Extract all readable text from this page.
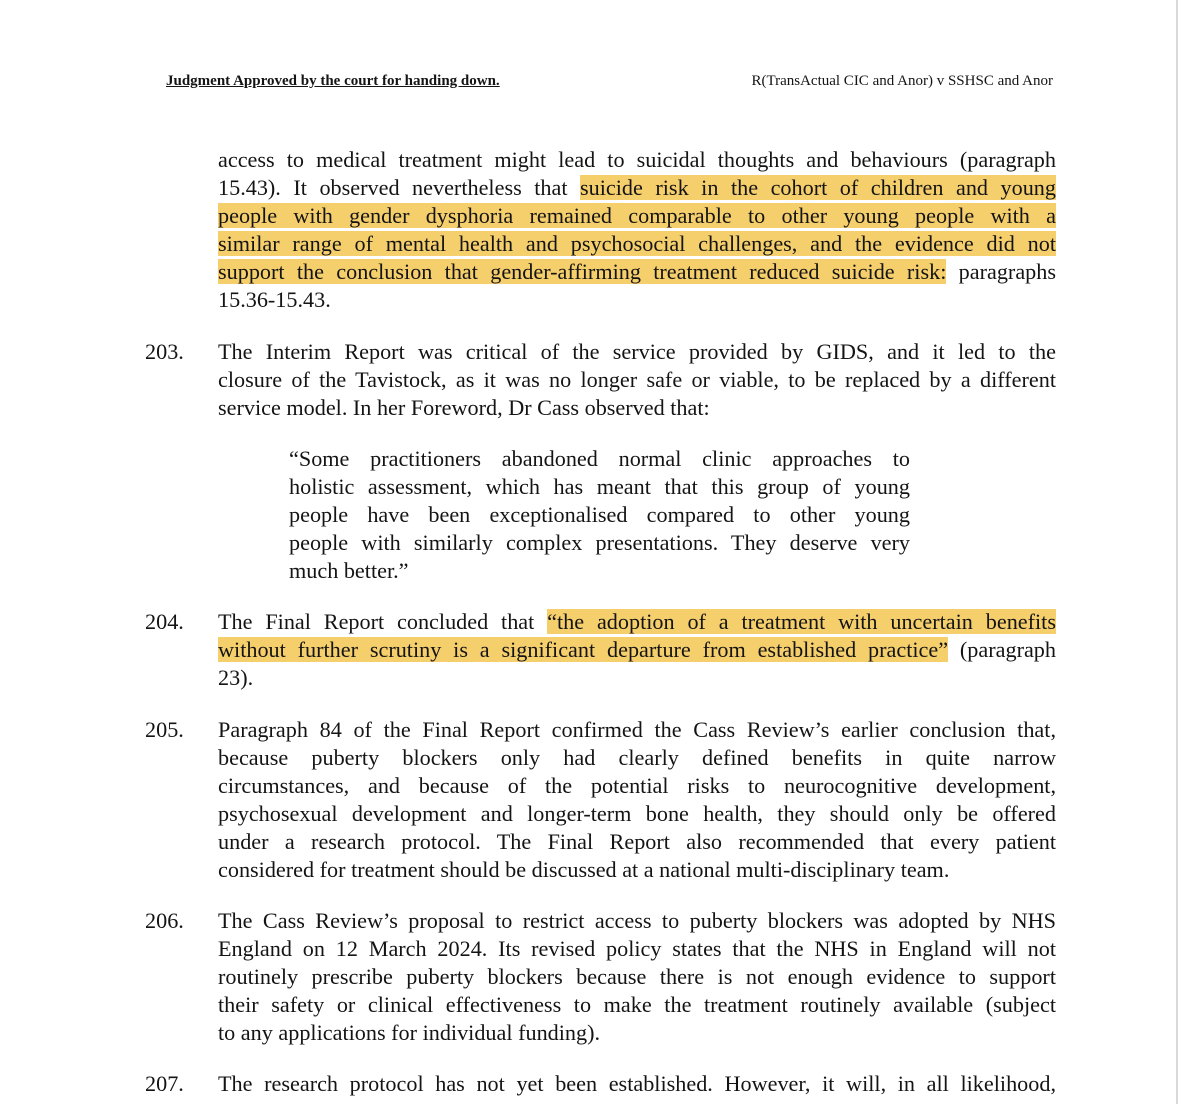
Judgment Approved by the court for handing down.	R(TransActual CIC and Anor) v SSHSC and Anor
access to medical treatment might lead to suicidal thoughts and behaviours (paragraph
15.43). It observed nevertheless that suicide risk in the cohort of children and young
people with gender dysphoria remained comparable to other young people with a
similar range of mental health and psychosocial challenges, and the evidence did not
support the conclusion that gender-affirming treatment reduced suicide risk: paragraphs
15.36-15.43.
203. The Interim Report was critical of the service provided by GIDS, and it led to the
closure of the Tavistock, as it was no longer safe or viable, to be replaced by a different
service model. In her Foreword, Dr Cass observed that:
“Some practitioners abandoned normal clinic approaches to
holistic assessment, which has meant that this group of young
people have been exceptionalised compared to other young
people with similarly complex presentations. They deserve very
much better.”
204. The Final Report concluded that “the adoption of a treatment with uncertain benefits
without further scrutiny is a significant departure from established practice” (paragraph
23).
205. Paragraph 84 of the Final Report confirmed the Cass Review’s earlier conclusion that,
because puberty blockers only had clearly defined benefits in quite narrow
circumstances, and because of the potential risks to neurocognitive development,
psychosexual development and longer-term bone health, they should only be offered
under a research protocol. The Final Report also recommended that every patient
considered for treatment should be discussed at a national multi-disciplinary team.
206. The Cass Review’s proposal to restrict access to puberty blockers was adopted by NHS
England on 12 March 2024. Its revised policy states that the NHS in England will not
routinely prescribe puberty blockers because there is not enough evidence to support
their safety or clinical effectiveness to make the treatment routinely available (subject
to any applications for individual funding).
207. The research protocol has not yet been established. However, it will, in all likelihood,
